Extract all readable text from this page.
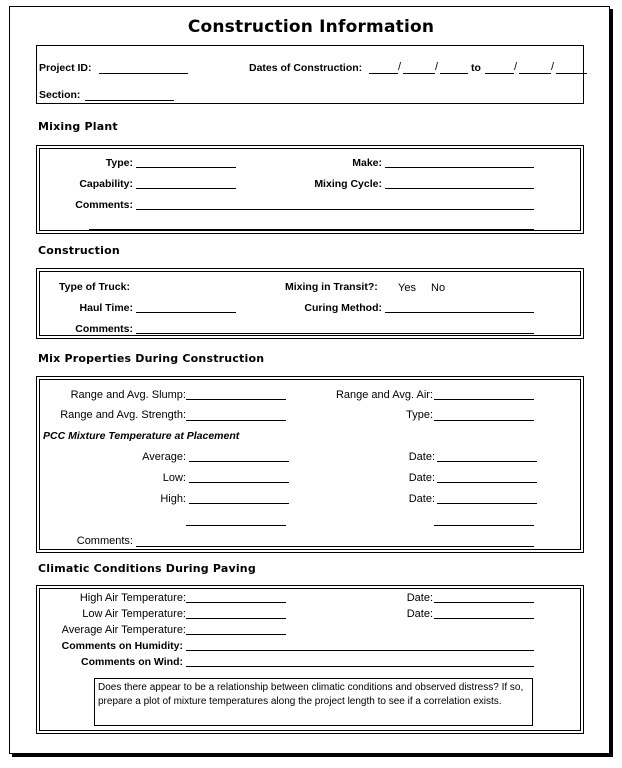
Construction Information
Project ID:	Dates of Construction:	/	/	to	/	/
Section:
Mixing Plant
Type:	Make:
Capability:	Mixing Cycle:
Comments:
Construction
Type of Truck:	Mixing in Transit?: Yes No
Haul Time:	Curing Method:
Comments:
Mix Properties During Construction
Range and Avg. Slump:	Range and Avg. Air:
Range and Avg. Strength:	Type:
PCC Mixture Temperature at Placement
Average:	Date:
Low:	Date:
High:	Date:
Comments:
Climatic Conditions During Paving
High Air Temperature:	Date:
Low Air Temperature:	Date:
Average Air Temperature:
Comments on Humidity:
Comments on Wind:
Does there appear to be a relationship between climatic conditions and observed distress? If so, prepare a plot of mixture temperatures along the project length to see if a correlation exists.
